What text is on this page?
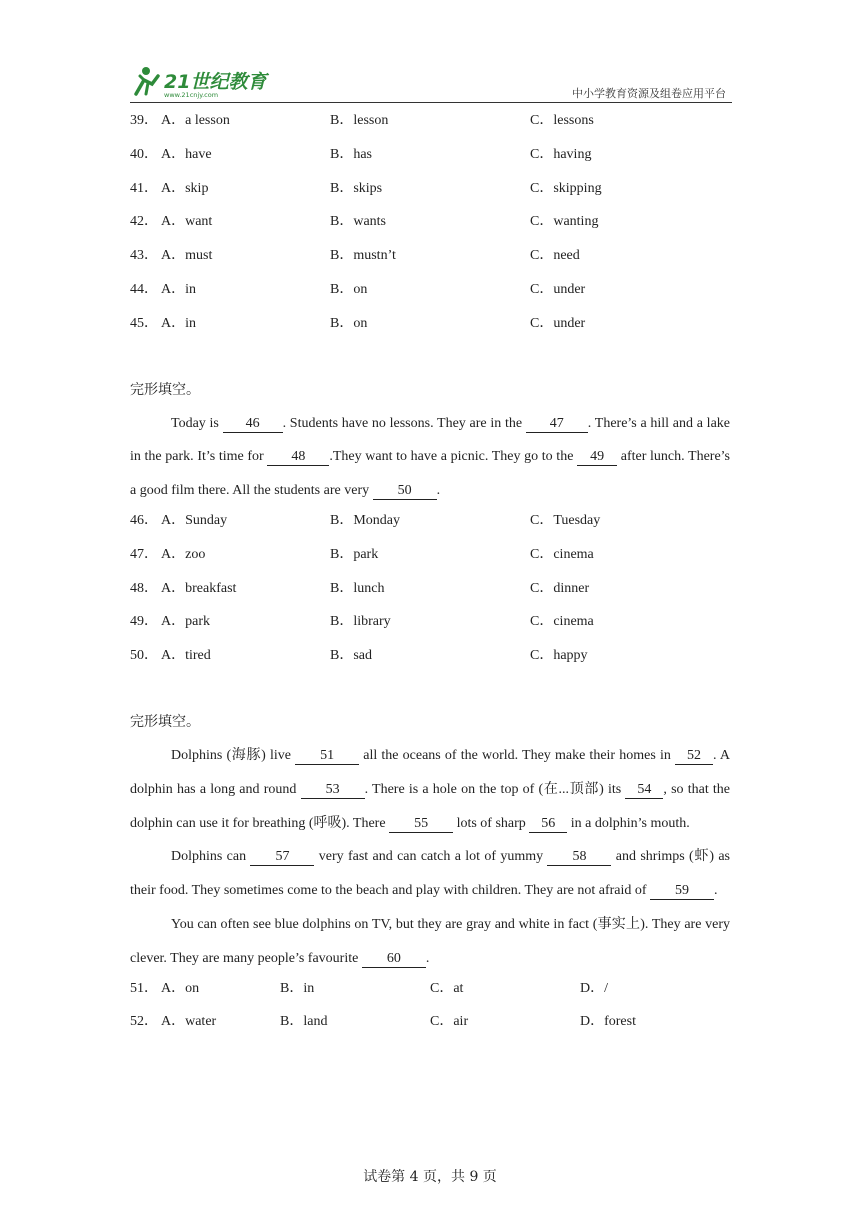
21世纪教育
www.21cnjy.com	中小学教育资源及组卷应用平台
39． A．a lesson	B．lesson	C．lessons
40． A．have	B．has	C．having
41． A．skip	B．skips	C．skipping
42． A．want	B．wants	C．wanting
43． A．must	B．mustn’t	C．need
44． A．in	B．on	C．under
45． A．in	B．on	C．under
完形填空。

Today is 46 . Students have no lessons. They are in the 47 . There’s a hill and a lake in the park. It’s time for 48 .They want to have a picnic. They go to the 49 after lunch. There’s a good film there. All the students are very 50 .

46． A．Sunday	B．Monday	C．Tuesday
47． A．zoo	B．park	C．cinema
48． A．breakfast	B．lunch	C．dinner
49． A．park	B．library	C．cinema
50． A．tired	B．sad	C．happy
完形填空。

Dolphins (海豚) live 51 all the oceans of the world. They make their homes in 52 . A dolphin has a long and round 53 . There is a hole on the top of (在...顶部) its 54 , so that the dolphin can use it for breathing (呼吸). There 55 lots of sharp 56 in a dolphin’s mouth.

Dolphins can 57 very fast and can catch a lot of yummy 58 and shrimps (虾) as their food. They sometimes come to the beach and play with children. They are not afraid of 59 .

You can often see blue dolphins on TV, but they are gray and white in fact (事实上). They are very clever. They are many people’s favourite 60 .

51． A．on	B．in	C．at	D．/
52． A．water	B．land	C．air	D．forest
试卷第 4 页，共 9 页
